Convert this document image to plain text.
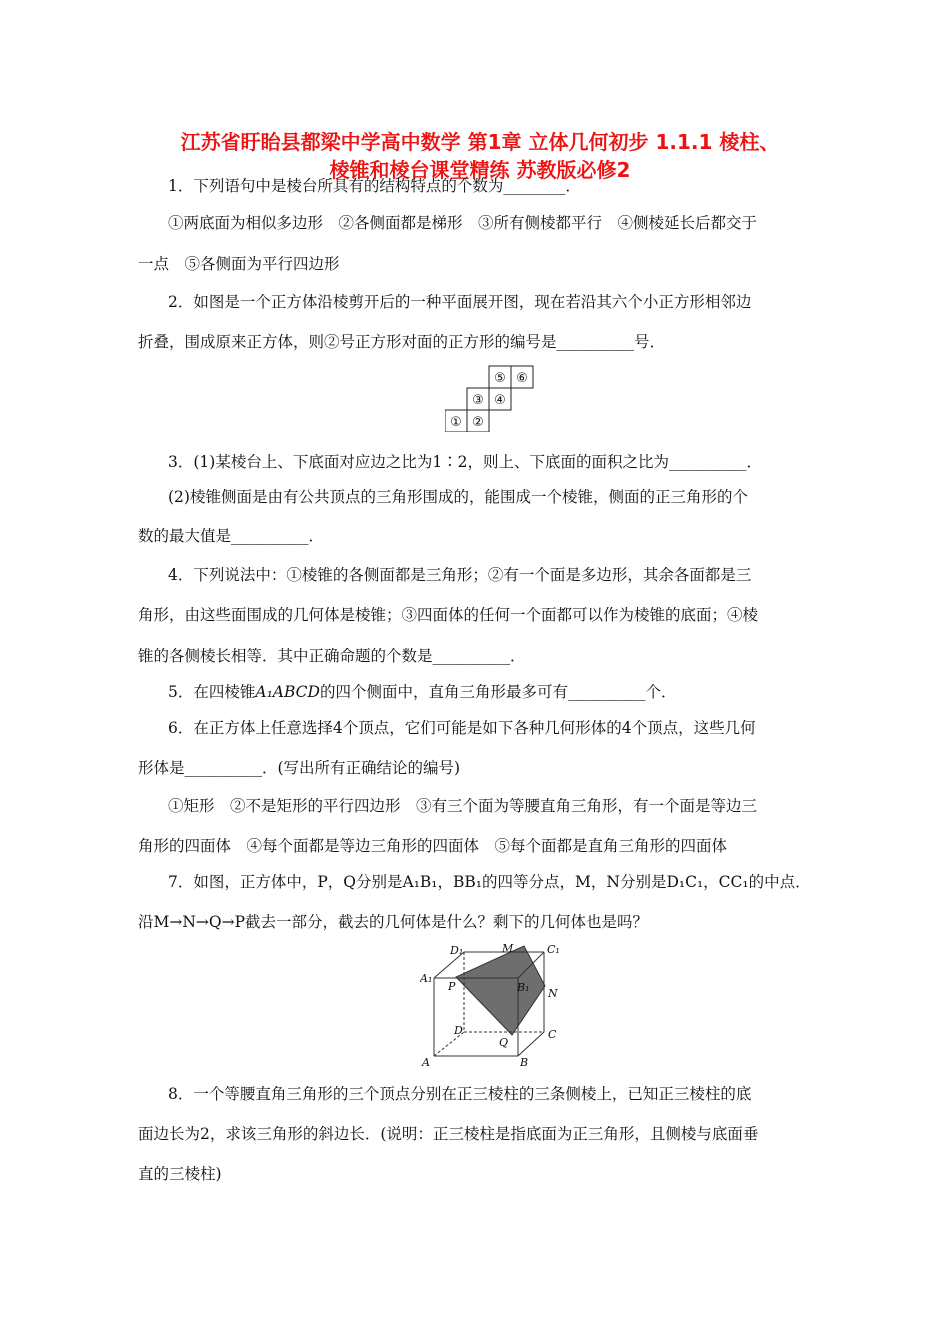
江苏省盱眙县都梁中学高中数学 第1章 立体几何初步 1.1.1 棱柱、
棱锥和棱台课堂精练 苏教版必修2
1．下列语句中是棱台所具有的结构特点的个数为________．
①两底面为相似多边形　②各侧面都是梯形　③所有侧棱都平行　④侧棱延长后都交于
一点　⑤各侧面为平行四边形
2．如图是一个正方体沿棱剪开后的一种平面展开图，现在若沿其六个小正方形相邻边
折叠，围成原来正方体，则②号正方形对面的正方形的编号是__________号．
① ②
③ ④
⑤ ⑥
3．(1)某棱台上、下底面对应边之比为1∶2，则上、下底面的面积之比为__________．
(2)棱锥侧面是由有公共顶点的三角形围成的，能围成一个棱锥，侧面的正三角形的个
数的最大值是__________．
4．下列说法中：①棱锥的各侧面都是三角形；②有一个面是多边形，其余各面都是三
角形，由这些面围成的几何体是棱锥；③四面体的任何一个面都可以作为棱锥的底面；④棱
锥的各侧棱长相等．其中正确命题的个数是__________．
5．在四棱锥A₁ABCD的四个侧面中，直角三角形最多可有__________个．
6．在正方体上任意选择4个顶点，它们可能是如下各种几何形体的4个顶点，这些几何
形体是__________．(写出所有正确结论的编号)
①矩形　②不是矩形的平行四边形　③有三个面为等腰直角三角形，有一个面是等边三
角形的四面体　④每个面都是等边三角形的四面体　⑤每个面都是直角三角形的四面体
7．如图，正方体中，P，Q分别是A₁B₁，BB₁的四等分点，M，N分别是D₁C₁，CC₁的中点．
沿M→N→Q→P截去一部分，截去的几何体是什么？剩下的几何体也是吗？
D₁	M	C₁
A₁
P	B₁ N
D	C
Q
A	B
8．一个等腰直角三角形的三个顶点分别在正三棱柱的三条侧棱上，已知正三棱柱的底
面边长为2，求该三角形的斜边长．(说明：正三棱柱是指底面为正三角形，且侧棱与底面垂
直的三棱柱)
